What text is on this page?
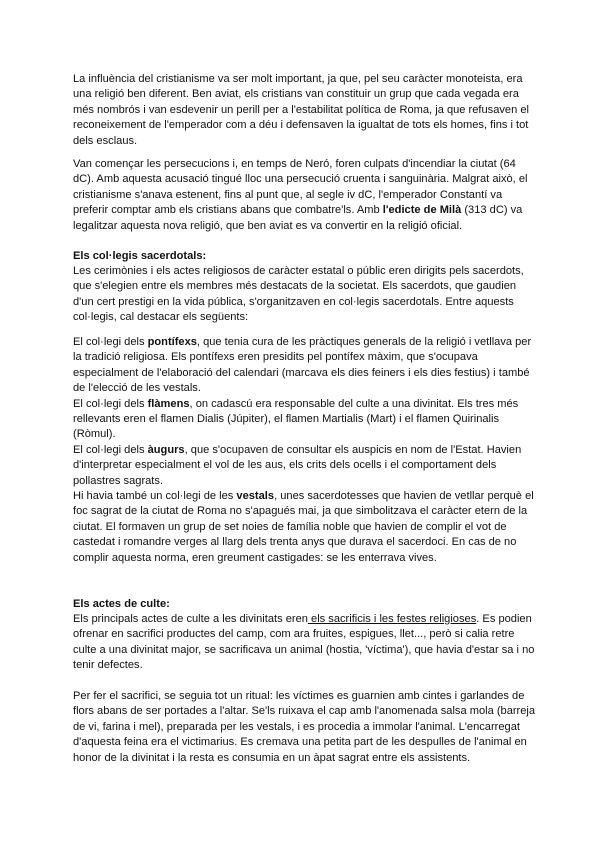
La influència del cristianisme va ser molt important, ja que, pel seu caràcter monoteista, era una religió ben diferent. Ben aviat, els cristians van constituir un grup que cada vegada era més nombrós i van esdevenir un perill per a l'estabilitat política de Roma, ja que refusaven el reconeixement de l'emperador com a déu i defensaven la igualtat de tots els homes, fins i tot dels esclaus.

Van començar les persecucions i, en temps de Neró, foren culpats d'incendiar la ciutat (64 dC). Amb aquesta acusació tingué lloc una persecució cruenta i sanguinària. Malgrat això, el cristianisme s'anava estenent, fins al punt que, al segle iv dC, l'emperador Constantí va preferir comptar amb els cristians abans que combatre'ls. Amb l'edicte de Milà (313 dC) va legalitzar aquesta nova religió, que ben aviat es va convertir en la religió oficial.

Els col·legis sacerdotals:

Les cerimònies i els actes religiosos de caràcter estatal o públic eren dirigits pels sacerdots, que s'elegien entre els membres més destacats de la societat. Els sacerdots, que gaudien d'un cert prestigi en la vida pública, s'organitzaven en col·legis sacerdotals. Entre aquests col·legis, cal destacar els següents:

El col·legi dels pontífexs, que tenia cura de les pràctiques generals de la religió i vetllava per la tradició religiosa. Els pontífexs eren presidits pel pontífex màxim, que s'ocupava especialment de l'elaboració del calendari (marcava els dies feiners i els dies festius) i també de l'elecció de les vestals.

El col·legi dels flàmens, on cadascú era responsable del culte a una divinitat. Els tres més rellevants eren el flamen Dialis (Júpiter), el flamen Martialis (Mart) i el flamen Quirinalis (Ròmul).

El col·legi dels àugurs, que s'ocupaven de consultar els auspicis en nom de l'Estat. Havien d'interpretar especialment el vol de les aus, els crits dels ocells i el comportament dels pollastres sagrats.

Hi havia també un col·legi de les vestals, unes sacerdotesses que havien de vetllar perquè el foc sagrat de la ciutat de Roma no s'apagués mai, ja que simbolitzava el caràcter etern de la ciutat. El formaven un grup de set noies de família noble que havien de complir el vot de castedat i romandre verges al llarg dels trenta anys que durava el sacerdoci. En cas de no complir aquesta norma, eren greument castigades: se les enterrava vives.

Els actes de culte:

Els principals actes de culte a les divinitats eren els sacrificis i les festes religioses. Es podien ofrenar en sacrifici productes del camp, com ara fruites, espigues, llet..., però si calia retre culte a una divinitat major, se sacrificava un animal (hostia, 'víctima'), que havia d'estar sa i no tenir defectes.

Per fer el sacrifici, se seguia tot un ritual: les víctimes es guarnien amb cintes i garlandes de flors abans de ser portades a l'altar. Se'ls ruixava el cap amb l'anomenada salsa mola (barreja de vi, farina i mel), preparada per les vestals, i es procedia a immolar l'animal. L'encarregat d'aquesta feina era el victimarius. Es cremava una petita part de les despulles de l'animal en honor de la divinitat i la resta es consumia en un àpat sagrat entre els assistents.
